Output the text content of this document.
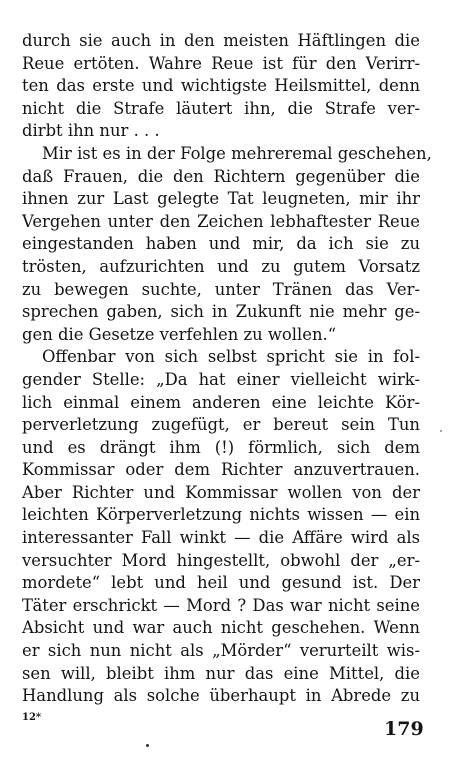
durch sie auch in den meisten Häftlingen die
Reue ertöten. Wahre Reue ist für den Verirr-
ten das erste und wichtigste Heilsmittel, denn
nicht die Strafe läutert ihn, die Strafe ver-
dirbt ihn nur . . .
Mir ist es in der Folge mehreremal geschehen,
daß Frauen, die den Richtern gegenüber die
ihnen zur Last gelegte Tat leugneten, mir ihr
Vergehen unter den Zeichen lebhaftester Reue
eingestanden haben und mir, da ich sie zu
trösten, aufzurichten und zu gutem Vorsatz
zu bewegen suchte, unter Tränen das Ver-
sprechen gaben, sich in Zukunft nie mehr ge-
gen die Gesetze verfehlen zu wollen.“
Offenbar von sich selbst spricht sie in fol-
gender Stelle: „Da hat einer vielleicht wirk-
lich einmal einem anderen eine leichte Kör-
perverletzung zugefügt, er bereut sein Tun
und es drängt ihm (!) förmlich, sich dem
Kommissar oder dem Richter anzuvertrauen.
Aber Richter und Kommissar wollen von der
leichten Körperverletzung nichts wissen — ein
interessanter Fall winkt — die Affäre wird als
versuchter Mord hingestellt, obwohl der „er-
mordete“ lebt und heil und gesund ist. Der
Täter erschrickt — Mord ? Das war nicht seine
Absicht und war auch nicht geschehen. Wenn
er sich nun nicht als „Mörder“ verurteilt wis-
sen will, bleibt ihm nur das eine Mittel, die
Handlung als solche überhaupt in Abrede zu
12*
179
